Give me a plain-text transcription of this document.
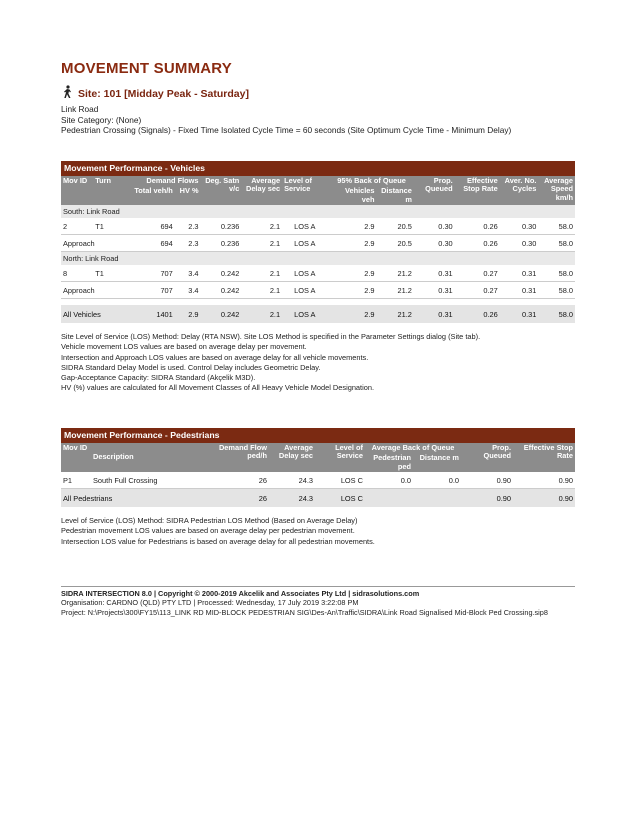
MOVEMENT SUMMARY
Site: 101 [Midday Peak - Saturday]
Link Road
Site Category: (None)
Pedestrian Crossing (Signals) - Fixed Time Isolated Cycle Time = 60 seconds (Site Optimum Cycle Time - Minimum Delay)
Movement Performance - Vehicles
Mov ID	Turn	Demand Flows		Deg. Satn v/c	Average Delay sec	Level of Service	95% Back of Queue		Prop. Queued	Effective Stop Rate	Aver. No. Cycles	Average Speed km/h
		Total veh/h	HV %				Vehicles veh	Distance m				
South: Link Road												
2	T1	694	2.3	0.236	2.1	LOS A	2.9	20.5	0.30	0.26	0.30	58.0
Approach		694	2.3	0.236	2.1	LOS A	2.9	20.5	0.30	0.26	0.30	58.0
North: Link Road												
8	T1	707	3.4	0.242	2.1	LOS A	2.9	21.2	0.31	0.27	0.31	58.0
Approach		707	3.4	0.242	2.1	LOS A	2.9	21.2	0.31	0.27	0.31	58.0

All Vehicles		1401	2.9	0.242	2.1	LOS A	2.9	21.2	0.31	0.26	0.31	58.0
Site Level of Service (LOS) Method: Delay (RTA NSW). Site LOS Method is specified in the Parameter Settings dialog (Site tab).
Vehicle movement LOS values are based on average delay per movement.
Intersection and Approach LOS values are based on average delay for all vehicle movements.
SIDRA Standard Delay Model is used. Control Delay includes Geometric Delay.
Gap-Acceptance Capacity: SIDRA Standard (Akçelik M3D).
HV (%) values are calculated for All Movement Classes of All Heavy Vehicle Model Designation.
Movement Performance - Pedestrians
Mov ID	Description	Demand Flow ped/h	Average Delay sec	Level of Service	Average Back of Queue		Prop. Queued	Effective Stop Rate
					Pedestrian ped	Distance m		
P1	South Full Crossing	26	24.3	LOS C	0.0	0.0	0.90	0.90
All Pedestrians		26	24.3	LOS C			0.90	0.90
Level of Service (LOS) Method: SIDRA Pedestrian LOS Method (Based on Average Delay)
Pedestrian movement LOS values are based on average delay per pedestrian movement.
Intersection LOS value for Pedestrians is based on average delay for all pedestrian movements.
SIDRA INTERSECTION 8.0 | Copyright © 2000-2019 Akcelik and Associates Pty Ltd | sidrasolutions.com
Organisation: CARDNO (QLD) PTY LTD | Processed: Wednesday, 17 July 2019 3:22:08 PM
Project: N:\Projects\300\FY15\113_LINK RD MID-BLOCK PEDESTRIAN SIG\Des-An\Traffic\SIDRA\Link Road Signalised Mid-Block Ped Crossing.sip8
